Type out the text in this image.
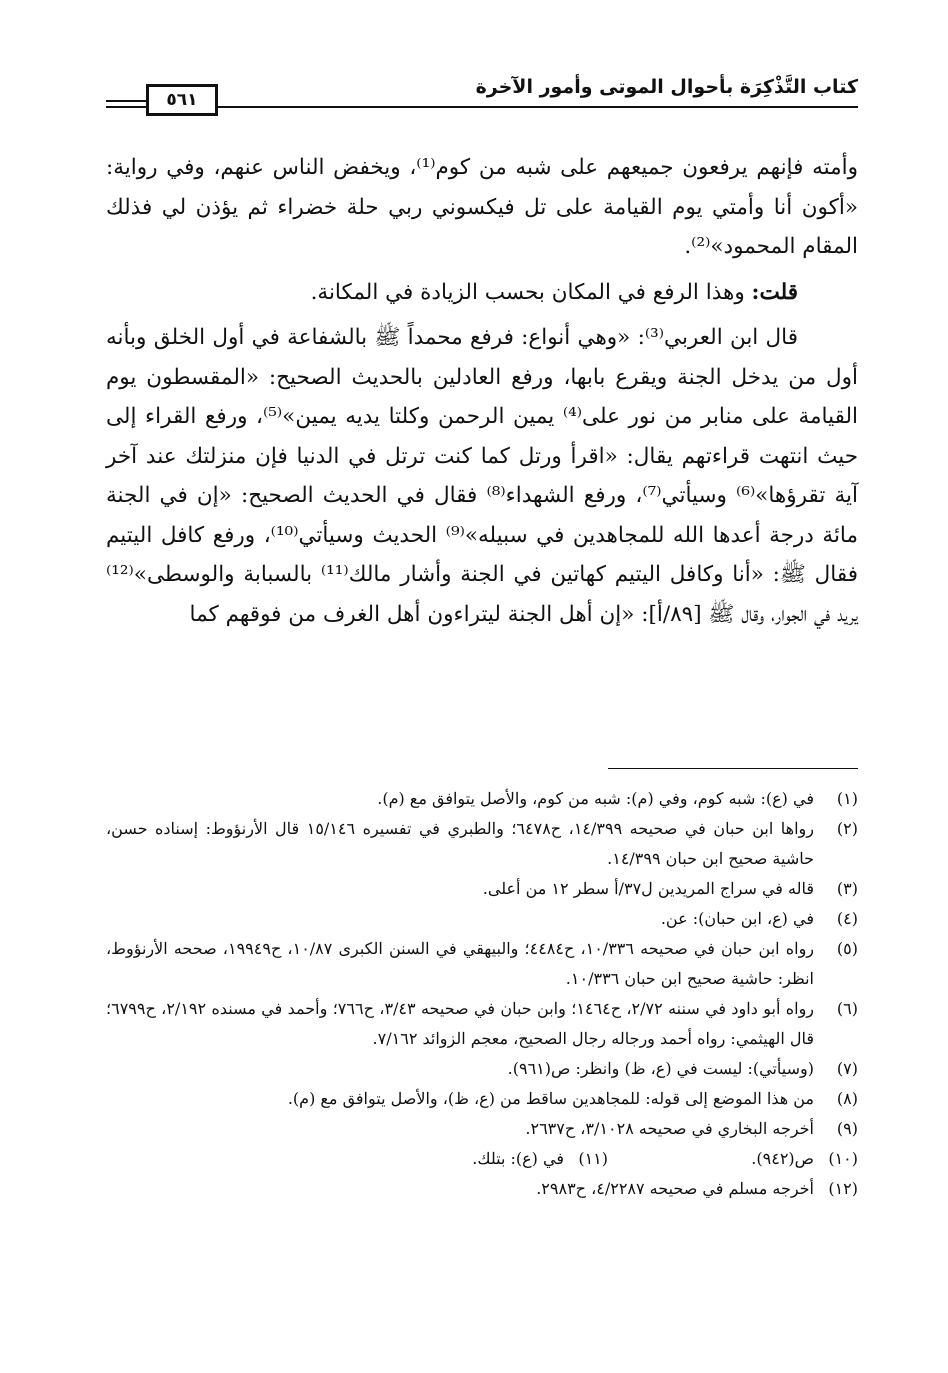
كتاب التَّذْكِرَة بأحوال الموتى وأمور الآخرة
٥٦١

وأمته فإنهم يرفعون جميعهم على شبه من كوم⁽¹⁾، ويخفض الناس عنهم، وفي رواية: «أكون أنا وأمتي يوم القيامة على تل فيكسوني ربي حلة خضراء ثم يؤذن لي فذلك المقام المحمود»⁽²⁾.

قلت: وهذا الرفع في المكان بحسب الزيادة في المكانة.

قال ابن العربي⁽³⁾: «وهي أنواع: فرفع محمداً ﷺ بالشفاعة في أول الخلق وبأنه أول من يدخل الجنة ويقرع بابها، ورفع العادلين بالحديث الصحيح: «المقسطون يوم القيامة على منابر من نور على⁽⁴⁾ يمين الرحمن وكلتا يديه يمين»⁽⁵⁾، ورفع القراء إلى حيث انتهت قراءتهم يقال: «اقرأ ورتل كما كنت ترتل في الدنيا فإن منزلتك عند آخر آية تقرؤها»⁽⁶⁾ وسيأتي⁽⁷⁾، ورفع الشهداء⁽⁸⁾ فقال في الحديث الصحيح: «إن في الجنة مائة درجة أعدها الله للمجاهدين في سبيله»⁽⁹⁾ الحديث وسيأتي⁽¹⁰⁾، ورفع كافل اليتيم فقال ﷺ: «أنا وكافل اليتيم كهاتين في الجنة وأشار مالك⁽¹¹⁾ بالسبابة والوسطى»⁽¹²⁾ يريد في الجوار، وقال ﷺ [٨٩/أ]: «إن أهل الجنة ليتراءون أهل الغرف من فوقهم كما

(١)
في (ع): شبه كوم، وفي (م): شبه من كوم، والأصل يتوافق مع (م).
(٢)
رواها ابن حبان في صحيحه ١٤/٣٩٩، ح٦٤٧٨؛ والطبري في تفسيره ١٥/١٤٦ قال الأرنؤوط: إسناده حسن، حاشية صحيح ابن حبان ١٤/٣٩٩.
(٣)
قاله في سراج المريدين ل٣٧/أ سطر ١٢ من أعلى.
(٤)
في (ع، ابن حبان): عن.
(٥)
رواه ابن حبان في صحيحه ١٠/٣٣٦، ح٤٤٨٤؛ والبيهقي في السنن الكبرى ١٠/٨٧، ح١٩٩٤٩، صححه الأرنؤوط، انظر: حاشية صحيح ابن حبان ١٠/٣٣٦.
(٦)
رواه أبو داود في سننه ٢/٧٢، ح١٤٦٤؛ وابن حبان في صحيحه ٣/٤٣، ح٧٦٦؛ وأحمد في مسنده ٢/١٩٢، ح٦٧٩٩؛ قال الهيثمي: رواه أحمد ورجاله رجال الصحيح، معجم الزوائد ٧/١٦٢.
(٧)
(وسيأتي): ليست في (ع، ظ) وانظر: ص(٩٦١).
(٨)
من هذا الموضع إلى قوله: للمجاهدين ساقط من (ع، ظ)، والأصل يتوافق مع (م).
(٩)
أخرجه البخاري في صحيحه ٣/١٠٢٨، ح٢٦٣٧.
(١٠)
ص(٩٤٢).
(١١)
في (ع): بتلك.
(١٢)
أخرجه مسلم في صحيحه ٤/٢٢٨٧، ح٢٩٨٣.
